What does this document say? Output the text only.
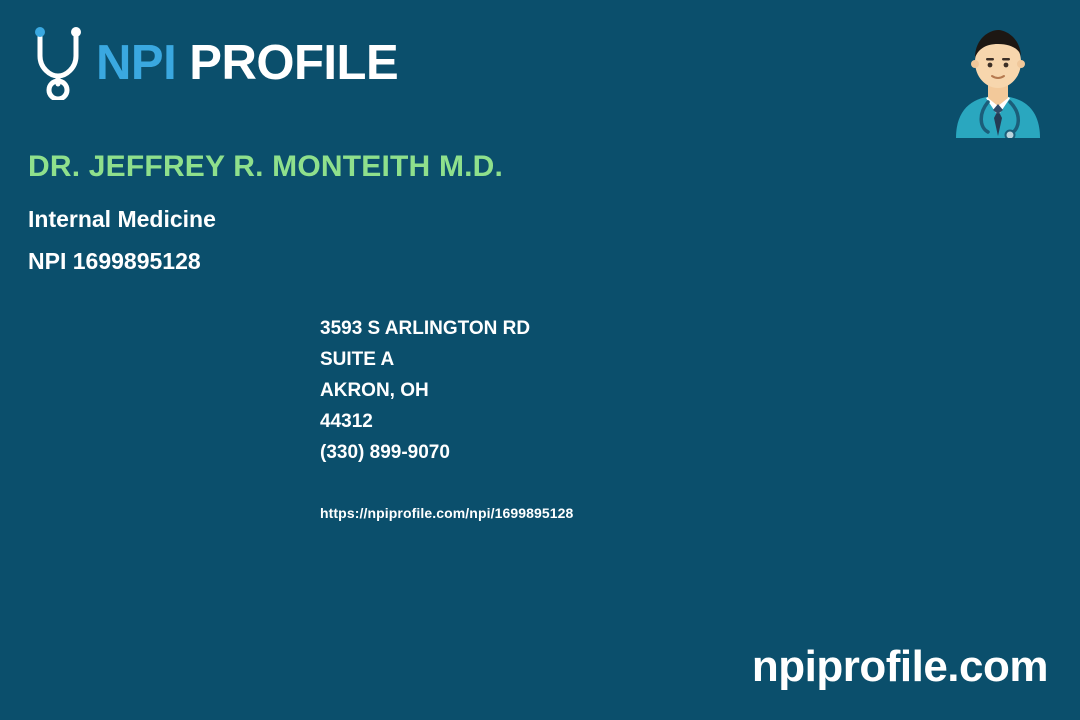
NPI PROFILE
DR. JEFFREY R. MONTEITH M.D.
Internal Medicine
NPI 1699895128
3593 S ARLINGTON RD
SUITE A
AKRON, OH
44312
(330) 899-9070
https://npiprofile.com/npi/1699895128
npiprofile.com
